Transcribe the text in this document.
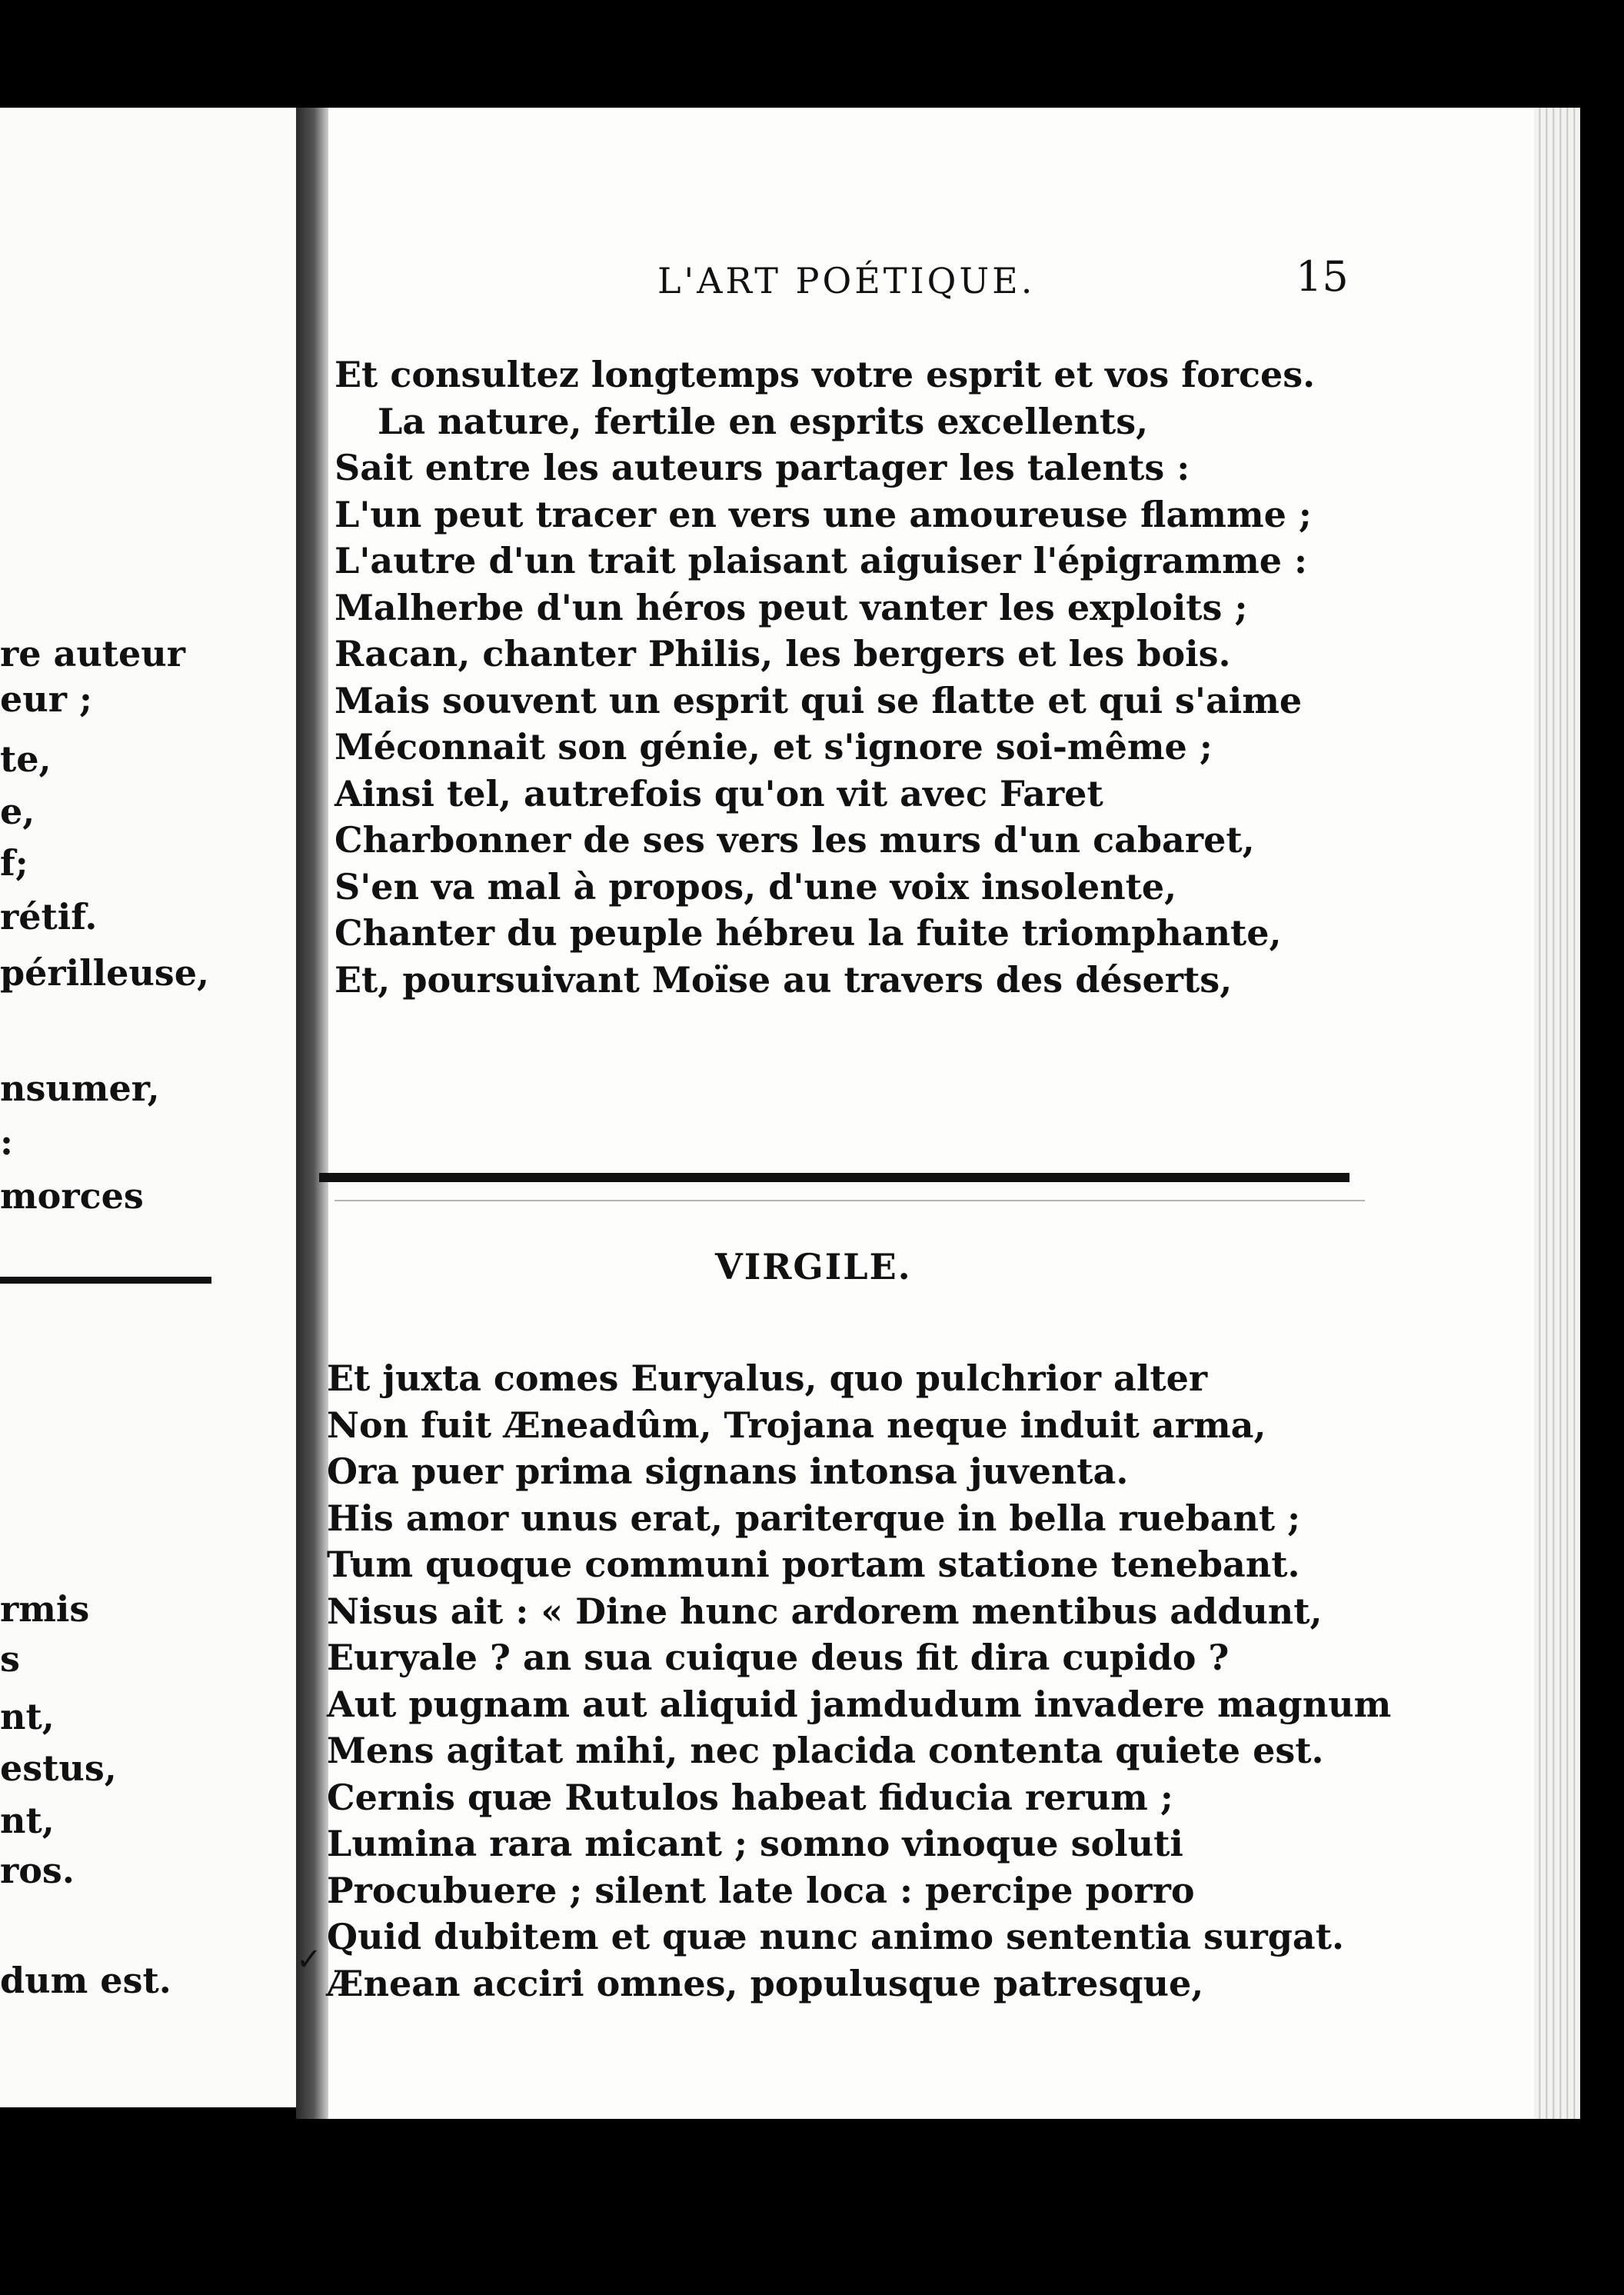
re auteur

eur ;

te,

e,

f;

rétif.

périlleuse,

nsumer,

:

morces

rmis

s

nt,

estus,

nt,

ros.

dum est.

L'ART POÉTIQUE.	15
Et consultez longtemps votre esprit et vos forces.
La nature, fertile en esprits excellents,
Sait entre les auteurs partager les talents :
L'un peut tracer en vers une amoureuse flamme ;
L'autre d'un trait plaisant aiguiser l'épigramme :
Malherbe d'un héros peut vanter les exploits ;
Racan, chanter Philis, les bergers et les bois.
Mais souvent un esprit qui se flatte et qui s'aime
Méconnait son génie, et s'ignore soi-même ;
Ainsi tel, autrefois qu'on vit avec Faret
Charbonner de ses vers les murs d'un cabaret,
S'en va mal à propos, d'une voix insolente,
Chanter du peuple hébreu la fuite triomphante,
Et, poursuivant Moïse au travers des déserts,
VIRGILE.
Et juxta comes Euryalus, quo pulchrior alter
Non fuit Æneadûm, Trojana neque induit arma,
Ora puer prima signans intonsa juventa.
His amor unus erat, pariterque in bella ruebant ;
Tum quoque communi portam statione tenebant.
Nisus ait : « Dine hunc ardorem mentibus addunt,
Euryale ? an sua cuique deus fit dira cupido ?
Aut pugnam aut aliquid jamdudum invadere magnum
Mens agitat mihi, nec placida contenta quiete est.
Cernis quæ Rutulos habeat fiducia rerum ;
Lumina rara micant ; somno vinoque soluti
Procubuere ; silent late loca : percipe porro
Quid dubitem et quæ nunc animo sententia surgat.
Ænean acciri omnes, populusque patresque,
✓
